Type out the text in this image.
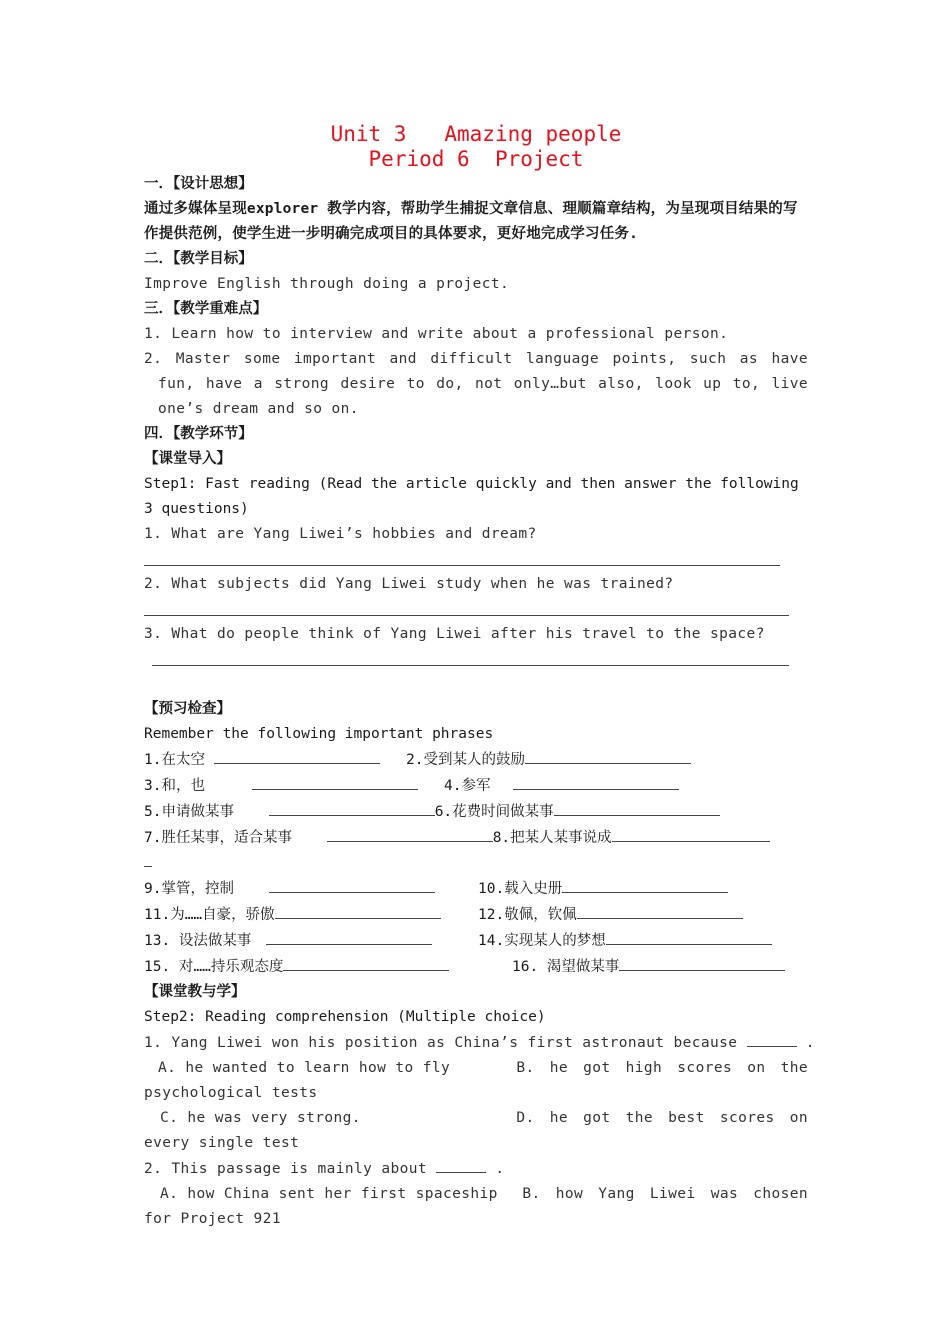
Unit 3   Amazing people
Period 6  Project
一．【设计思想】
通过多媒体呈现explorer 教学内容，帮助学生捕捉文章信息、理顺篇章结构，为呈现项目结果的写作提供范例，使学生进一步明确完成项目的具体要求，更好地完成学习任务.
二．【教学目标】
Improve English through doing a project.
三．【教学重难点】
1. Learn how to interview and write about a professional person.
2. Master some important and difficult language points, such as have fun, have a strong desire to do, not only…but also, look up to, live one’s dream and so on.
四．【教学环节】
【课堂导入】
Step1: Fast reading (Read the article quickly and then answer the following 3 questions)
1. What are Yang Liwei’s hobbies and dream?
2. What subjects did Yang Liwei study when he was trained?
3. What do people think of Yang Liwei after his travel to the space?
【预习检查】
Remember the following important phrases
1.在太空	2.受到某人的鼓励
3.和，也	4.参军
5.申请做某事	6.花费时间做某事
7.胜任某事，适合某事	8.把某人某事说成
9.掌管，控制	10.载入史册
11.为……自豪，骄傲	12.敬佩，钦佩
13. 设法做某事	14.实现某人的梦想
15. 对……持乐观态度	16. 渴望做某事
【课堂教与学】
Step2: Reading comprehension (Multiple choice)
1. Yang Liwei won his position as China’s first astronaut because	.
A. he wanted to learn how to fly	B. he got high scores on the
psychological tests
C. he was very strong.	D. he got the best scores on
every single test
2. This passage is mainly about	.
A. how China sent her first spaceship B. how Yang Liwei was chosen
for Project 921
